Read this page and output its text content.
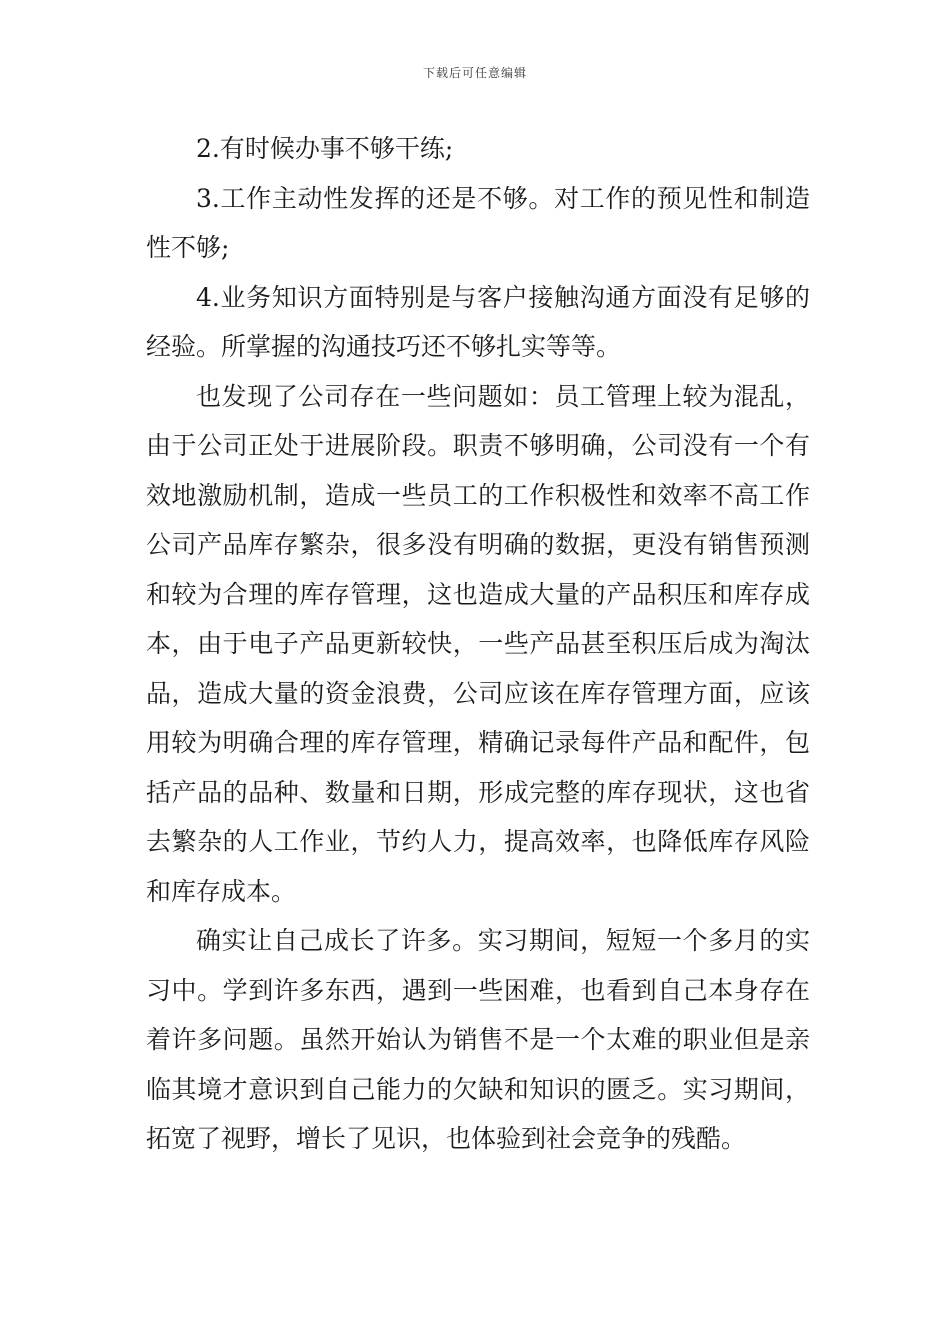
下载后可任意编辑

2.有时候办事不够干练;

3.工作主动性发挥的还是不够。对工作的预见性和制造性不够;

4.业务知识方面特别是与客户接触沟通方面没有足够的经验。所掌握的沟通技巧还不够扎实等等。

也发现了公司存在一些问题如：员工管理上较为混乱，由于公司正处于进展阶段。职责不够明确，公司没有一个有效地激励机制，造成一些员工的工作积极性和效率不高工作公司产品库存繁杂，很多没有明确的数据，更没有销售预测和较为合理的库存管理，这也造成大量的产品积压和库存成本，由于电子产品更新较快，一些产品甚至积压后成为淘汰品，造成大量的资金浪费，公司应该在库存管理方面，应该用较为明确合理的库存管理，精确记录每件产品和配件，包括产品的品种、数量和日期，形成完整的库存现状，这也省去繁杂的人工作业，节约人力，提高效率，也降低库存风险和库存成本。

确实让自己成长了许多。实习期间，短短一个多月的实习中。学到许多东西，遇到一些困难，也看到自己本身存在着许多问题。虽然开始认为销售不是一个太难的职业但是亲临其境才意识到自己能力的欠缺和知识的匮乏。实习期间，拓宽了视野，增长了见识，也体验到社会竞争的残酷。
